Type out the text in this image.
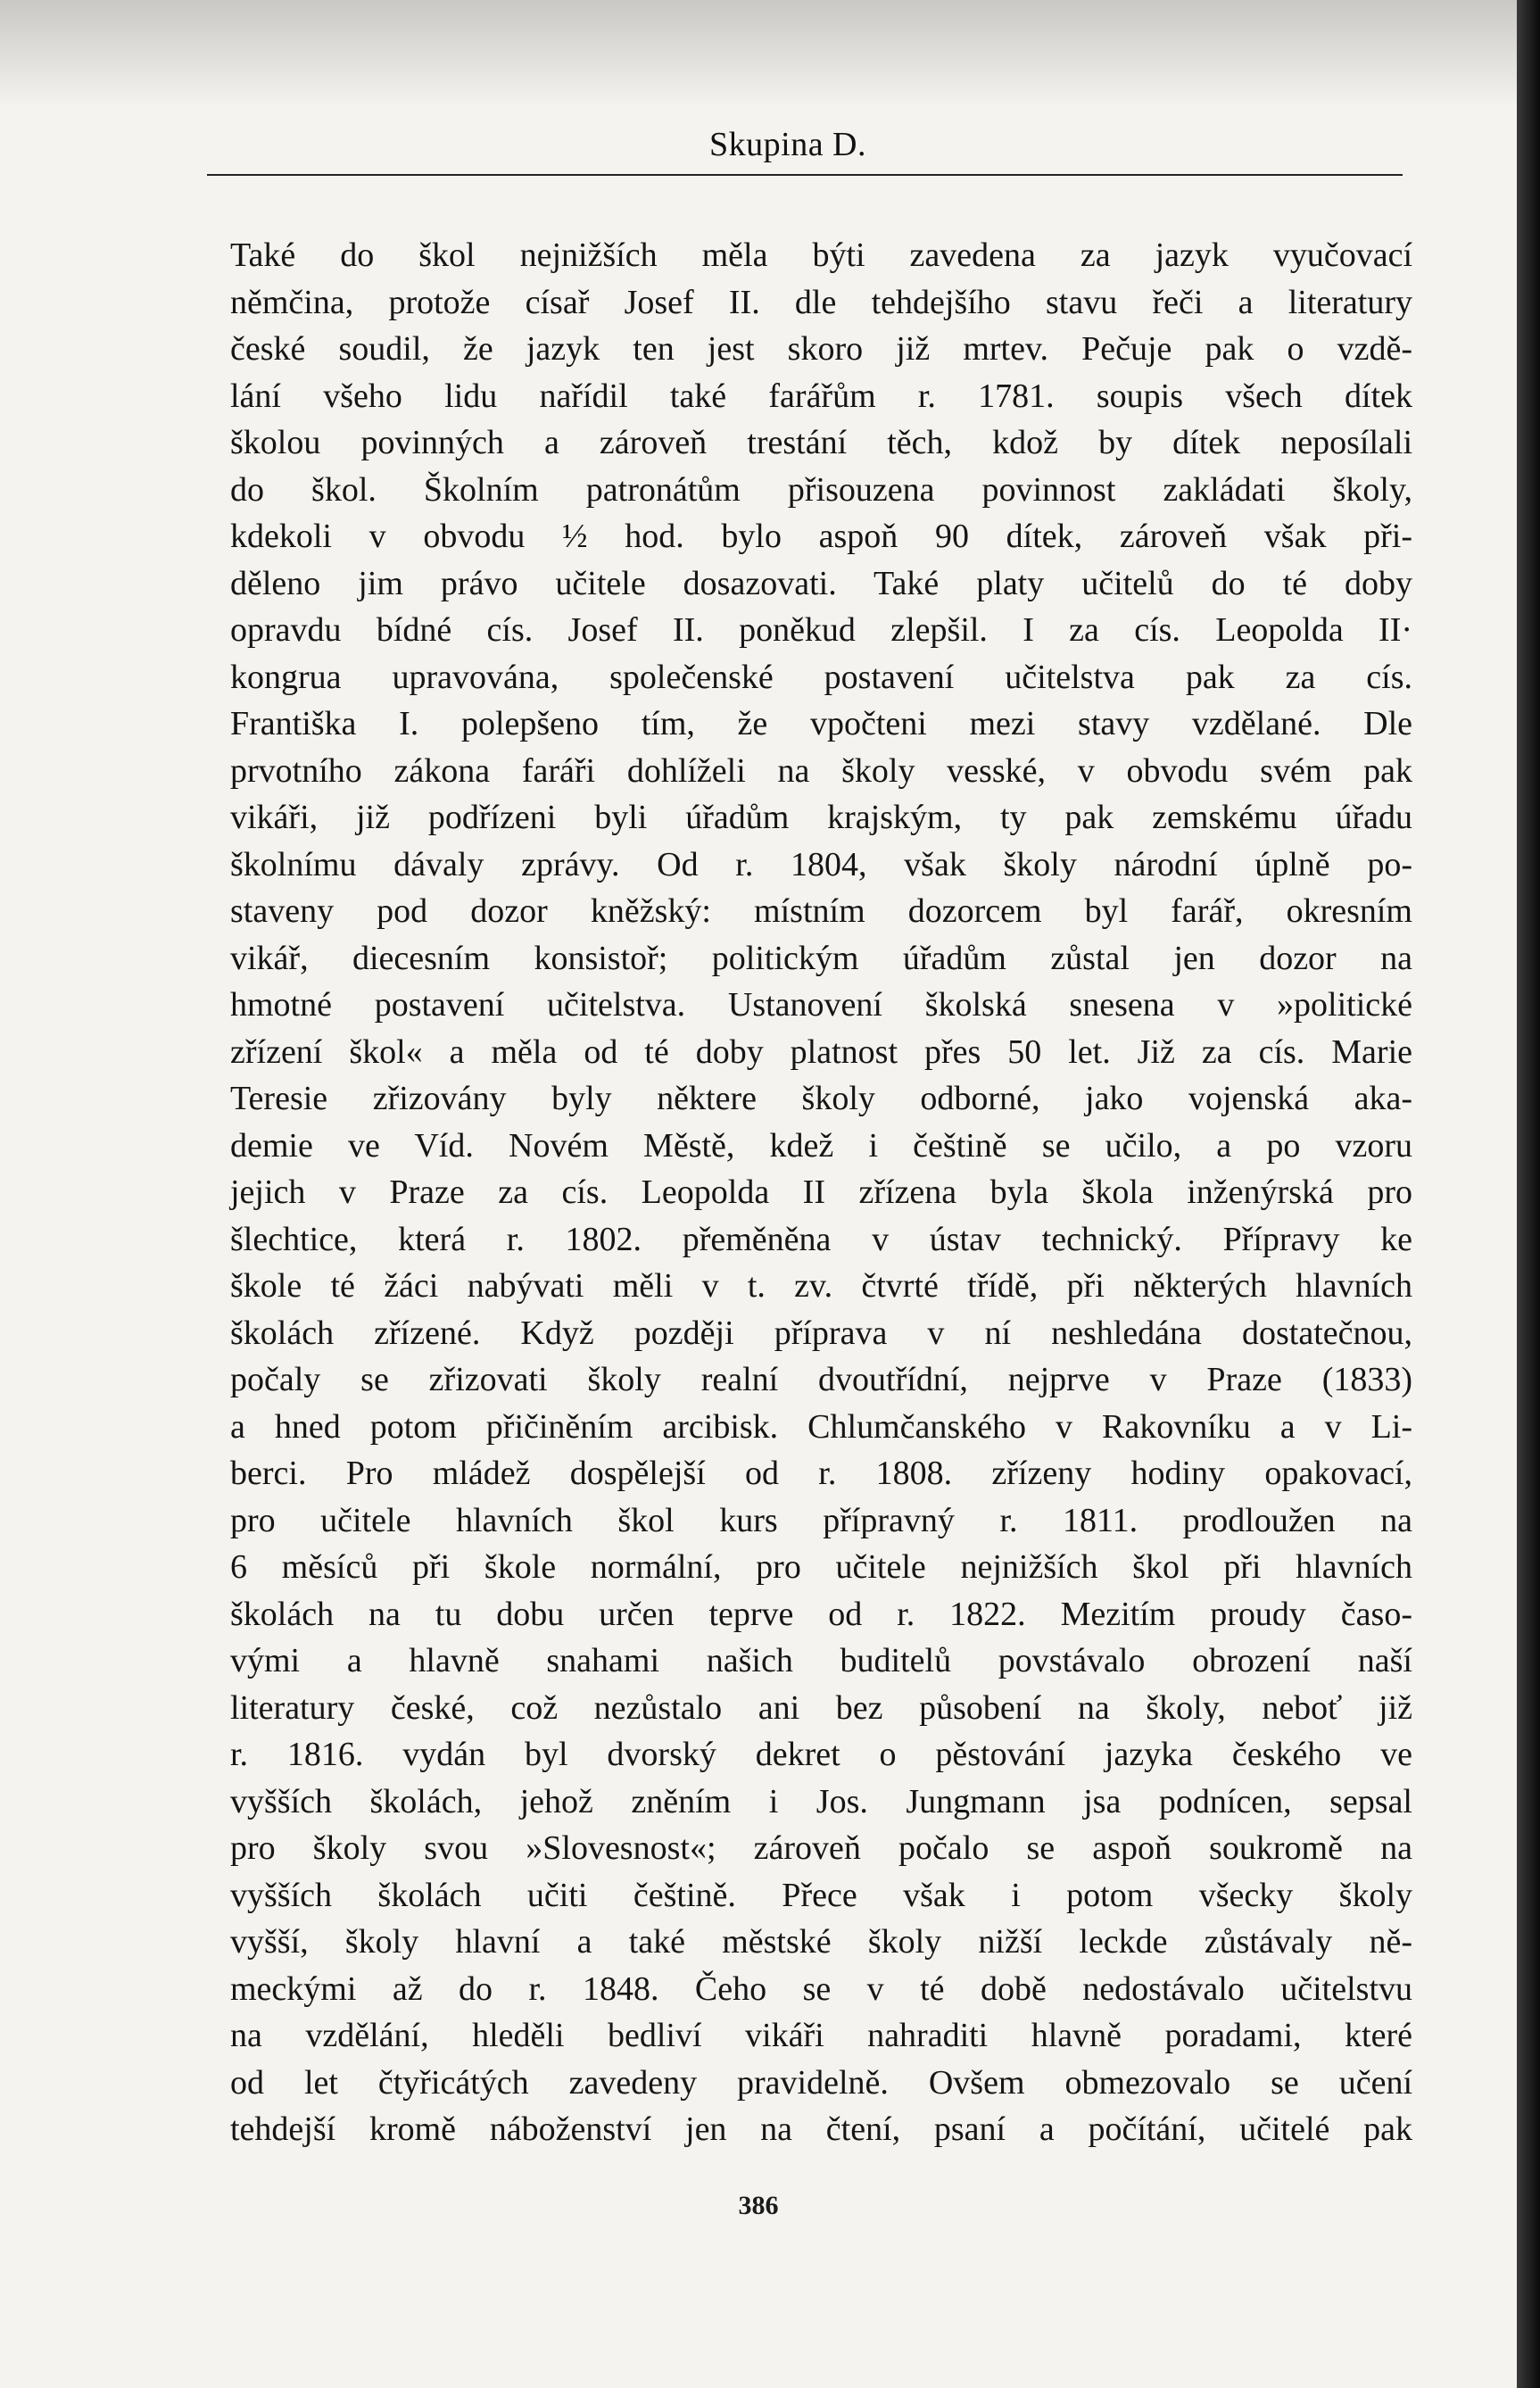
Skupina D.
Také do škol nejnižších měla býti zavedena za jazyk vyučovací
němčina, protože císař Josef II. dle tehdejšího stavu řeči a literatury
české soudil, že jazyk ten jest skoro již mrtev. Pečuje pak o vzdě-
lání všeho lidu nařídil také farářům r. 1781. soupis všech dítek
školou povinných a zároveň trestání těch, kdož by dítek neposílali
do škol. Školním patronátům přisouzena povinnost zakládati školy,
kdekoli v obvodu ½ hod. bylo aspoň 90 dítek, zároveň však při-
děleno jim právo učitele dosazovati. Také platy učitelů do té doby
opravdu bídné cís. Josef II. poněkud zlepšil. I za cís. Leopolda II·
kongrua upravována, společenské postavení učitelstva pak za cís.
Františka I. polepšeno tím, že vpočteni mezi stavy vzdělané. Dle
prvotního zákona faráři dohlíželi na školy vesské, v obvodu svém pak
vikáři, již podřízeni byli úřadům krajským, ty pak zemskému úřadu
školnímu dávaly zprávy. Od r. 1804, však školy národní úplně po-
staveny pod dozor kněžský: místním dozorcem byl farář, okresním
vikář, diecesním konsistoř; politickým úřadům zůstal jen dozor na
hmotné postavení učitelstva. Ustanovení školská snesena v »politické
zřízení škol« a měla od té doby platnost přes 50 let. Již za cís. Marie
Teresie zřizovány byly některe školy odborné, jako vojenská aka-
demie ve Víd. Novém Městě, kdež i češtině se učilo, a po vzoru
jejich v Praze za cís. Leopolda II zřízena byla škola inženýrská pro
šlechtice, která r. 1802. přeměněna v ústav technický. Přípravy ke
škole té žáci nabývati měli v t. zv. čtvrté třídě, při některých hlavních
školách zřízené. Když později příprava v ní neshledána dostatečnou,
počaly se zřizovati školy realní dvoutřídní, nejprve v Praze (1833)
a hned potom přičiněním arcibisk. Chlumčanského v Rakovníku a v Li-
berci. Pro mládež dospělejší od r. 1808. zřízeny hodiny opakovací,
pro učitele hlavních škol kurs přípravný r. 1811. prodloužen na
6 měsíců při škole normální, pro učitele nejnižších škol při hlavních
školách na tu dobu určen teprve od r. 1822. Mezitím proudy časo-
vými a hlavně snahami našich buditelů povstávalo obrození naší
literatury české, což nezůstalo ani bez působení na školy, neboť již
r. 1816. vydán byl dvorský dekret o pěstování jazyka českého ve
vyšších školách, jehož zněním i Jos. Jungmann jsa podnícen, sepsal
pro školy svou »Slovesnost«; zároveň počalo se aspoň soukromě na
vyšších školách učiti češtině. Přece však i potom všecky školy
vyšší, školy hlavní a také městské školy nižší leckde zůstávaly ně-
meckými až do r. 1848. Čeho se v té době nedostávalo učitelstvu
na vzdělání, hleděli bedliví vikáři nahraditi hlavně poradami, které
od let čtyřicátých zavedeny pravidelně. Ovšem obmezovalo se učení
tehdejší kromě náboženství jen na čtení, psaní a počítání, učitelé pak
386
